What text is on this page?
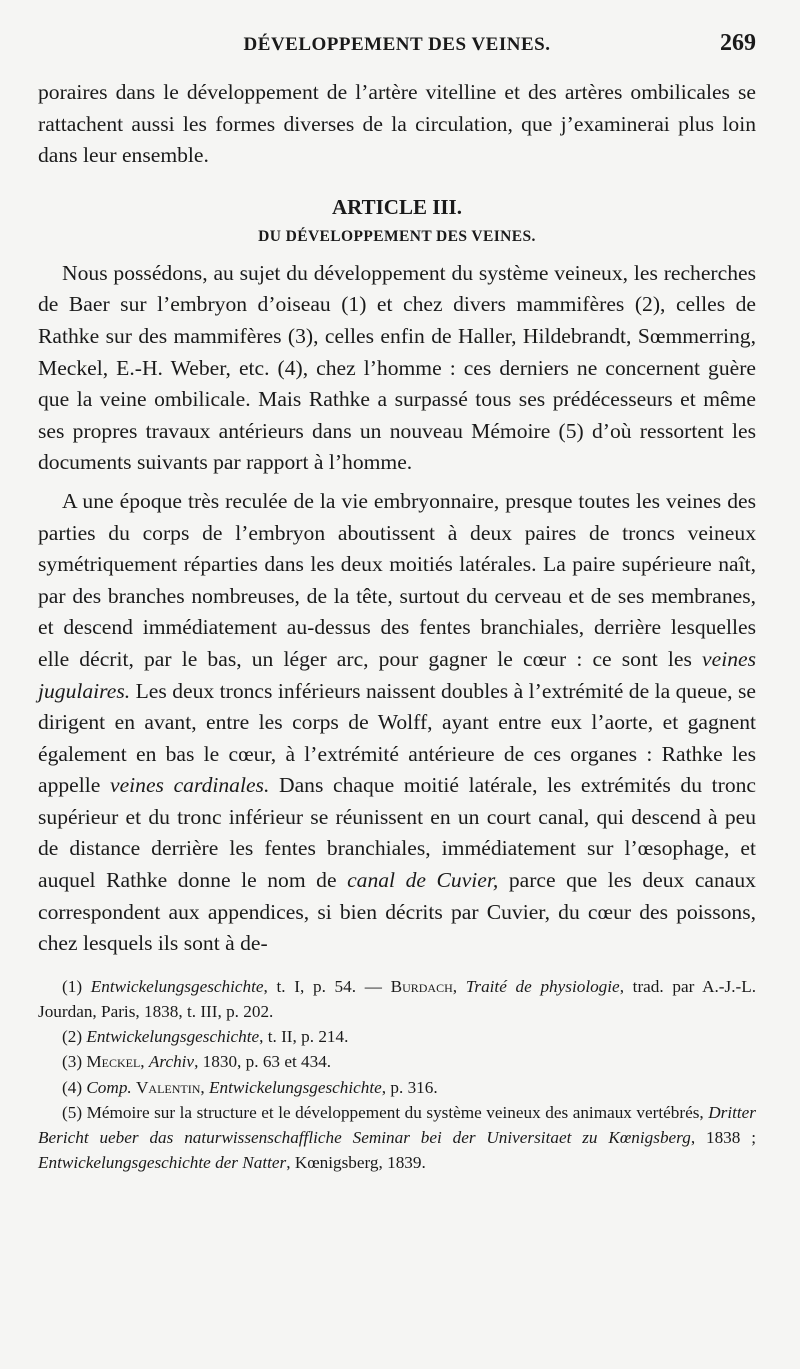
DÉVELOPPEMENT DES VEINES.	269

poraires dans le développement de l’artère vitelline et des artères ombilicales se rattachent aussi les formes diverses de la circulation, que j’examinerai plus loin dans leur ensemble.

ARTICLE III.
DU DÉVELOPPEMENT DES VEINES.

Nous possédons, au sujet du développement du système veineux, les recherches de Baer sur l’embryon d’oiseau (1) et chez divers mammifères (2), celles de Rathke sur des mammifères (3), celles enfin de Haller, Hildebrandt, Sœmmerring, Meckel, E.-H. Weber, etc. (4), chez l’homme : ces derniers ne concernent guère que la veine ombilicale. Mais Rathke a surpassé tous ses prédécesseurs et même ses propres travaux antérieurs dans un nouveau Mémoire (5) d’où ressortent les documents suivants par rapport à l’homme.

A une époque très reculée de la vie embryonnaire, presque toutes les veines des parties du corps de l’embryon aboutissent à deux paires de troncs veineux symétriquement réparties dans les deux moitiés latérales. La paire supérieure naît, par des branches nombreuses, de la tête, surtout du cerveau et de ses membranes, et descend immédiatement au-dessus des fentes branchiales, derrière lesquelles elle décrit, par le bas, un léger arc, pour gagner le cœur : ce sont les veines jugulaires. Les deux troncs inférieurs naissent doubles à l’extrémité de la queue, se dirigent en avant, entre les corps de Wolff, ayant entre eux l’aorte, et gagnent également en bas le cœur, à l’extrémité antérieure de ces organes : Rathke les appelle veines cardinales. Dans chaque moitié latérale, les extrémités du tronc supérieur et du tronc inférieur se réunissent en un court canal, qui descend à peu de distance derrière les fentes branchiales, immédiatement sur l’œsophage, et auquel Rathke donne le nom de canal de Cuvier, parce que les deux canaux correspondent aux appendices, si bien décrits par Cuvier, du cœur des poissons, chez lesquels ils sont à de-

(1) Entwickelungsgeschichte, t. I, p. 54. — Burdach, Traité de physiologie, trad. par A.-J.-L. Jourdan, Paris, 1838, t. III, p. 202.

(2) Entwickelungsgeschichte, t. II, p. 214.

(3) Meckel, Archiv, 1830, p. 63 et 434.

(4) Comp. Valentin, Entwickelungsgeschichte, p. 316.

(5) Mémoire sur la structure et le développement du système veineux des animaux vertébrés, Dritter Bericht ueber das naturwissenschaffliche Seminar bei der Universitaet zu Kœnigsberg, 1838 ; Entwickelungsgeschichte der Natter, Kœnigsberg, 1839.
